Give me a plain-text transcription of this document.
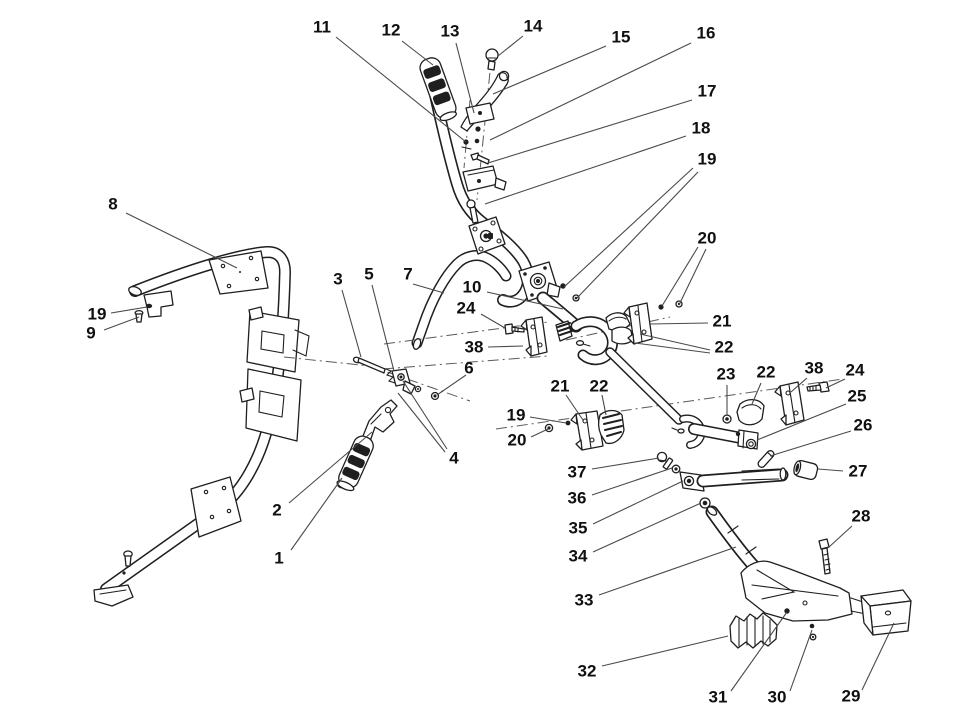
11	12 13	14
15	16
17
18
19
20
8
19
9
3 5 7
10
24
38
6
4
2
1
21
22
23 22 38 24
25
26
27
19
20
21 22
37
36
35
34
33
28
32
31 30	29
